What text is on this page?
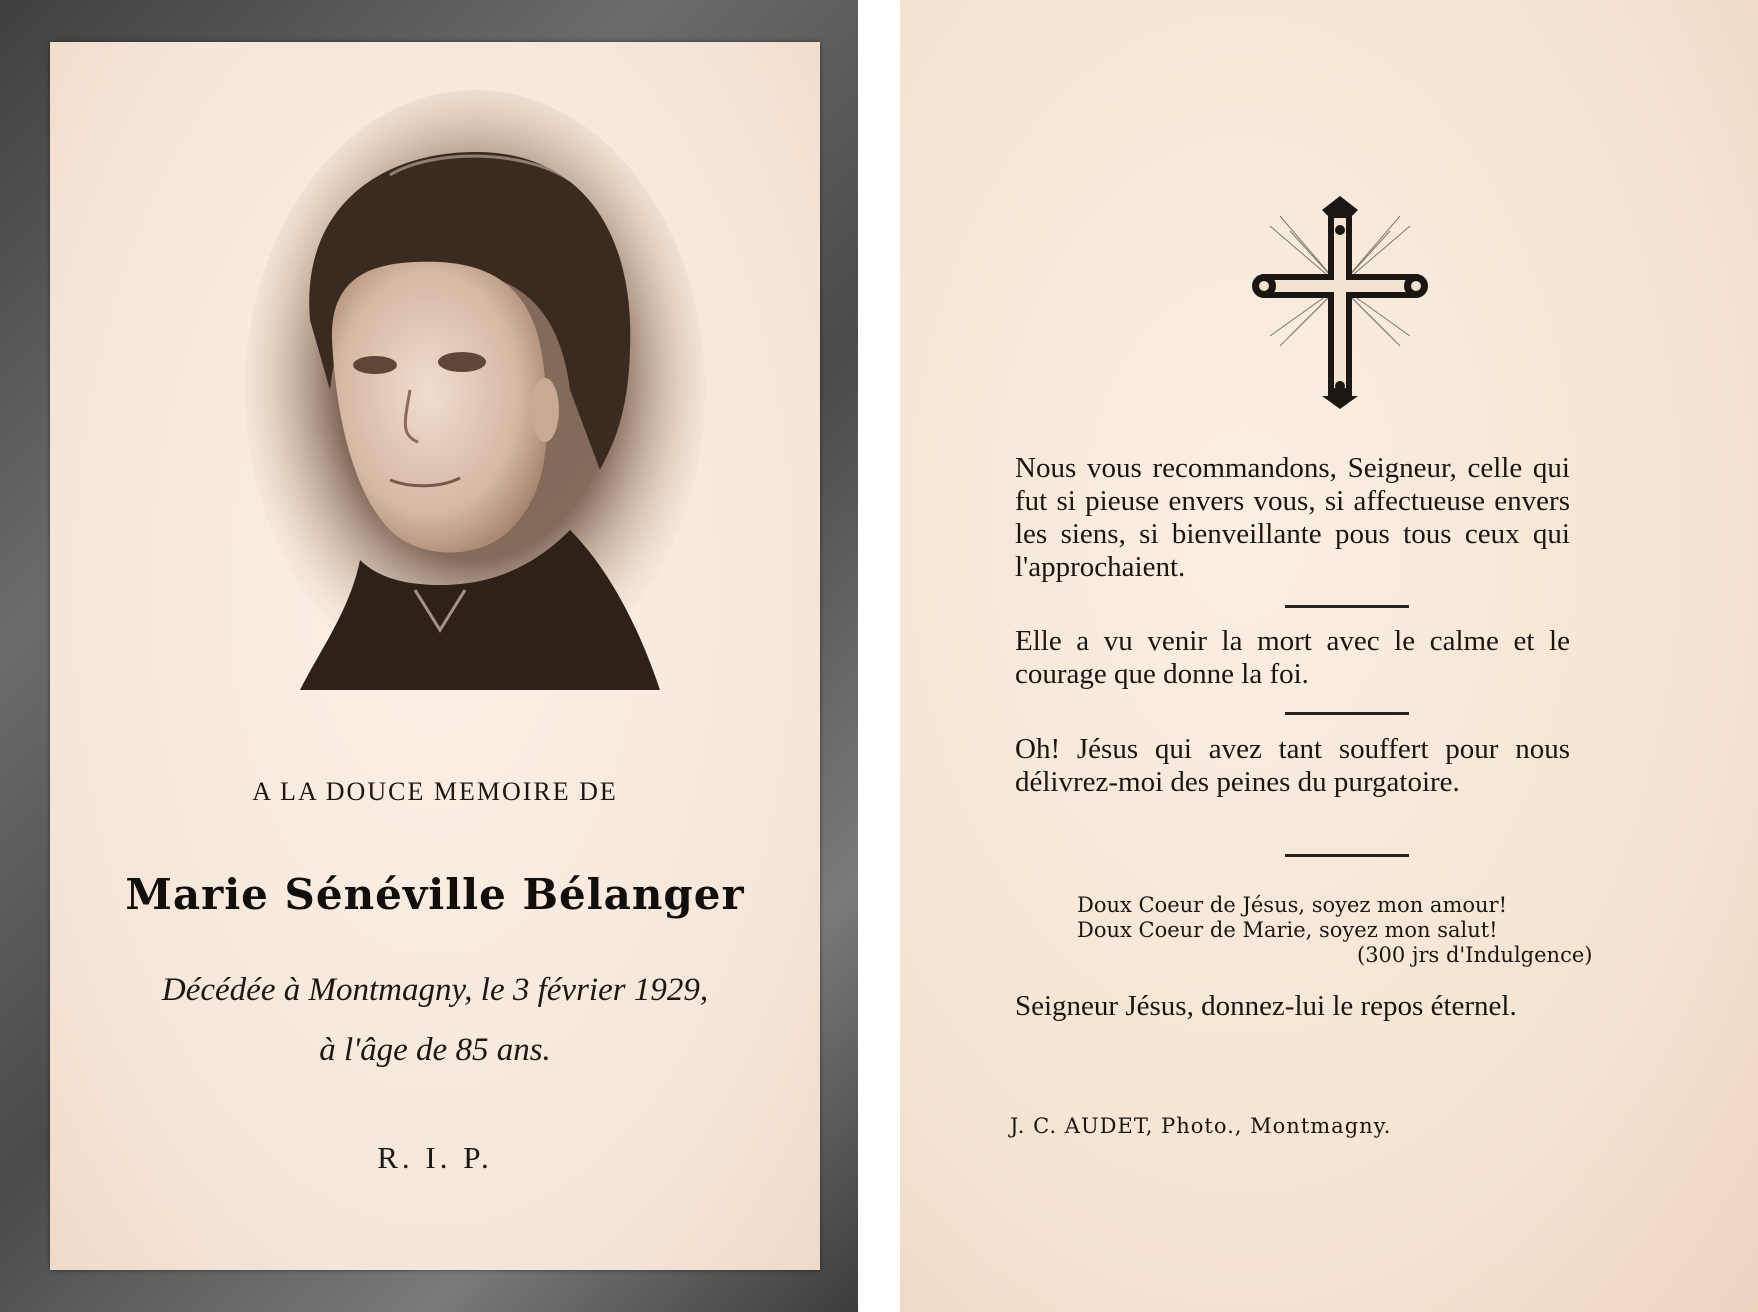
A LA DOUCE MEMOIRE DE
Marie Sénéville Bélanger
Décédée à Montmagny, le 3 février 1929,
à l'âge de 85 ans.
R. I. P.
Nous vous recommandons, Seigneur, celle qui fut si pieuse envers vous, si affectueuse envers les siens, si bienveillante pous tous ceux qui l'approchaient.
Elle a vu venir la mort avec le calme et le courage que donne la foi.
Oh! Jésus qui avez tant souffert pour nous délivrez-moi des peines du purgatoire.
Doux Coeur de Jésus, soyez mon amour!
Doux Coeur de Marie, soyez mon salut!
(300 jrs d'Indulgence)
Seigneur Jésus, donnez-lui le repos éternel.
J. C. AUDET, Photo., Montmagny.
